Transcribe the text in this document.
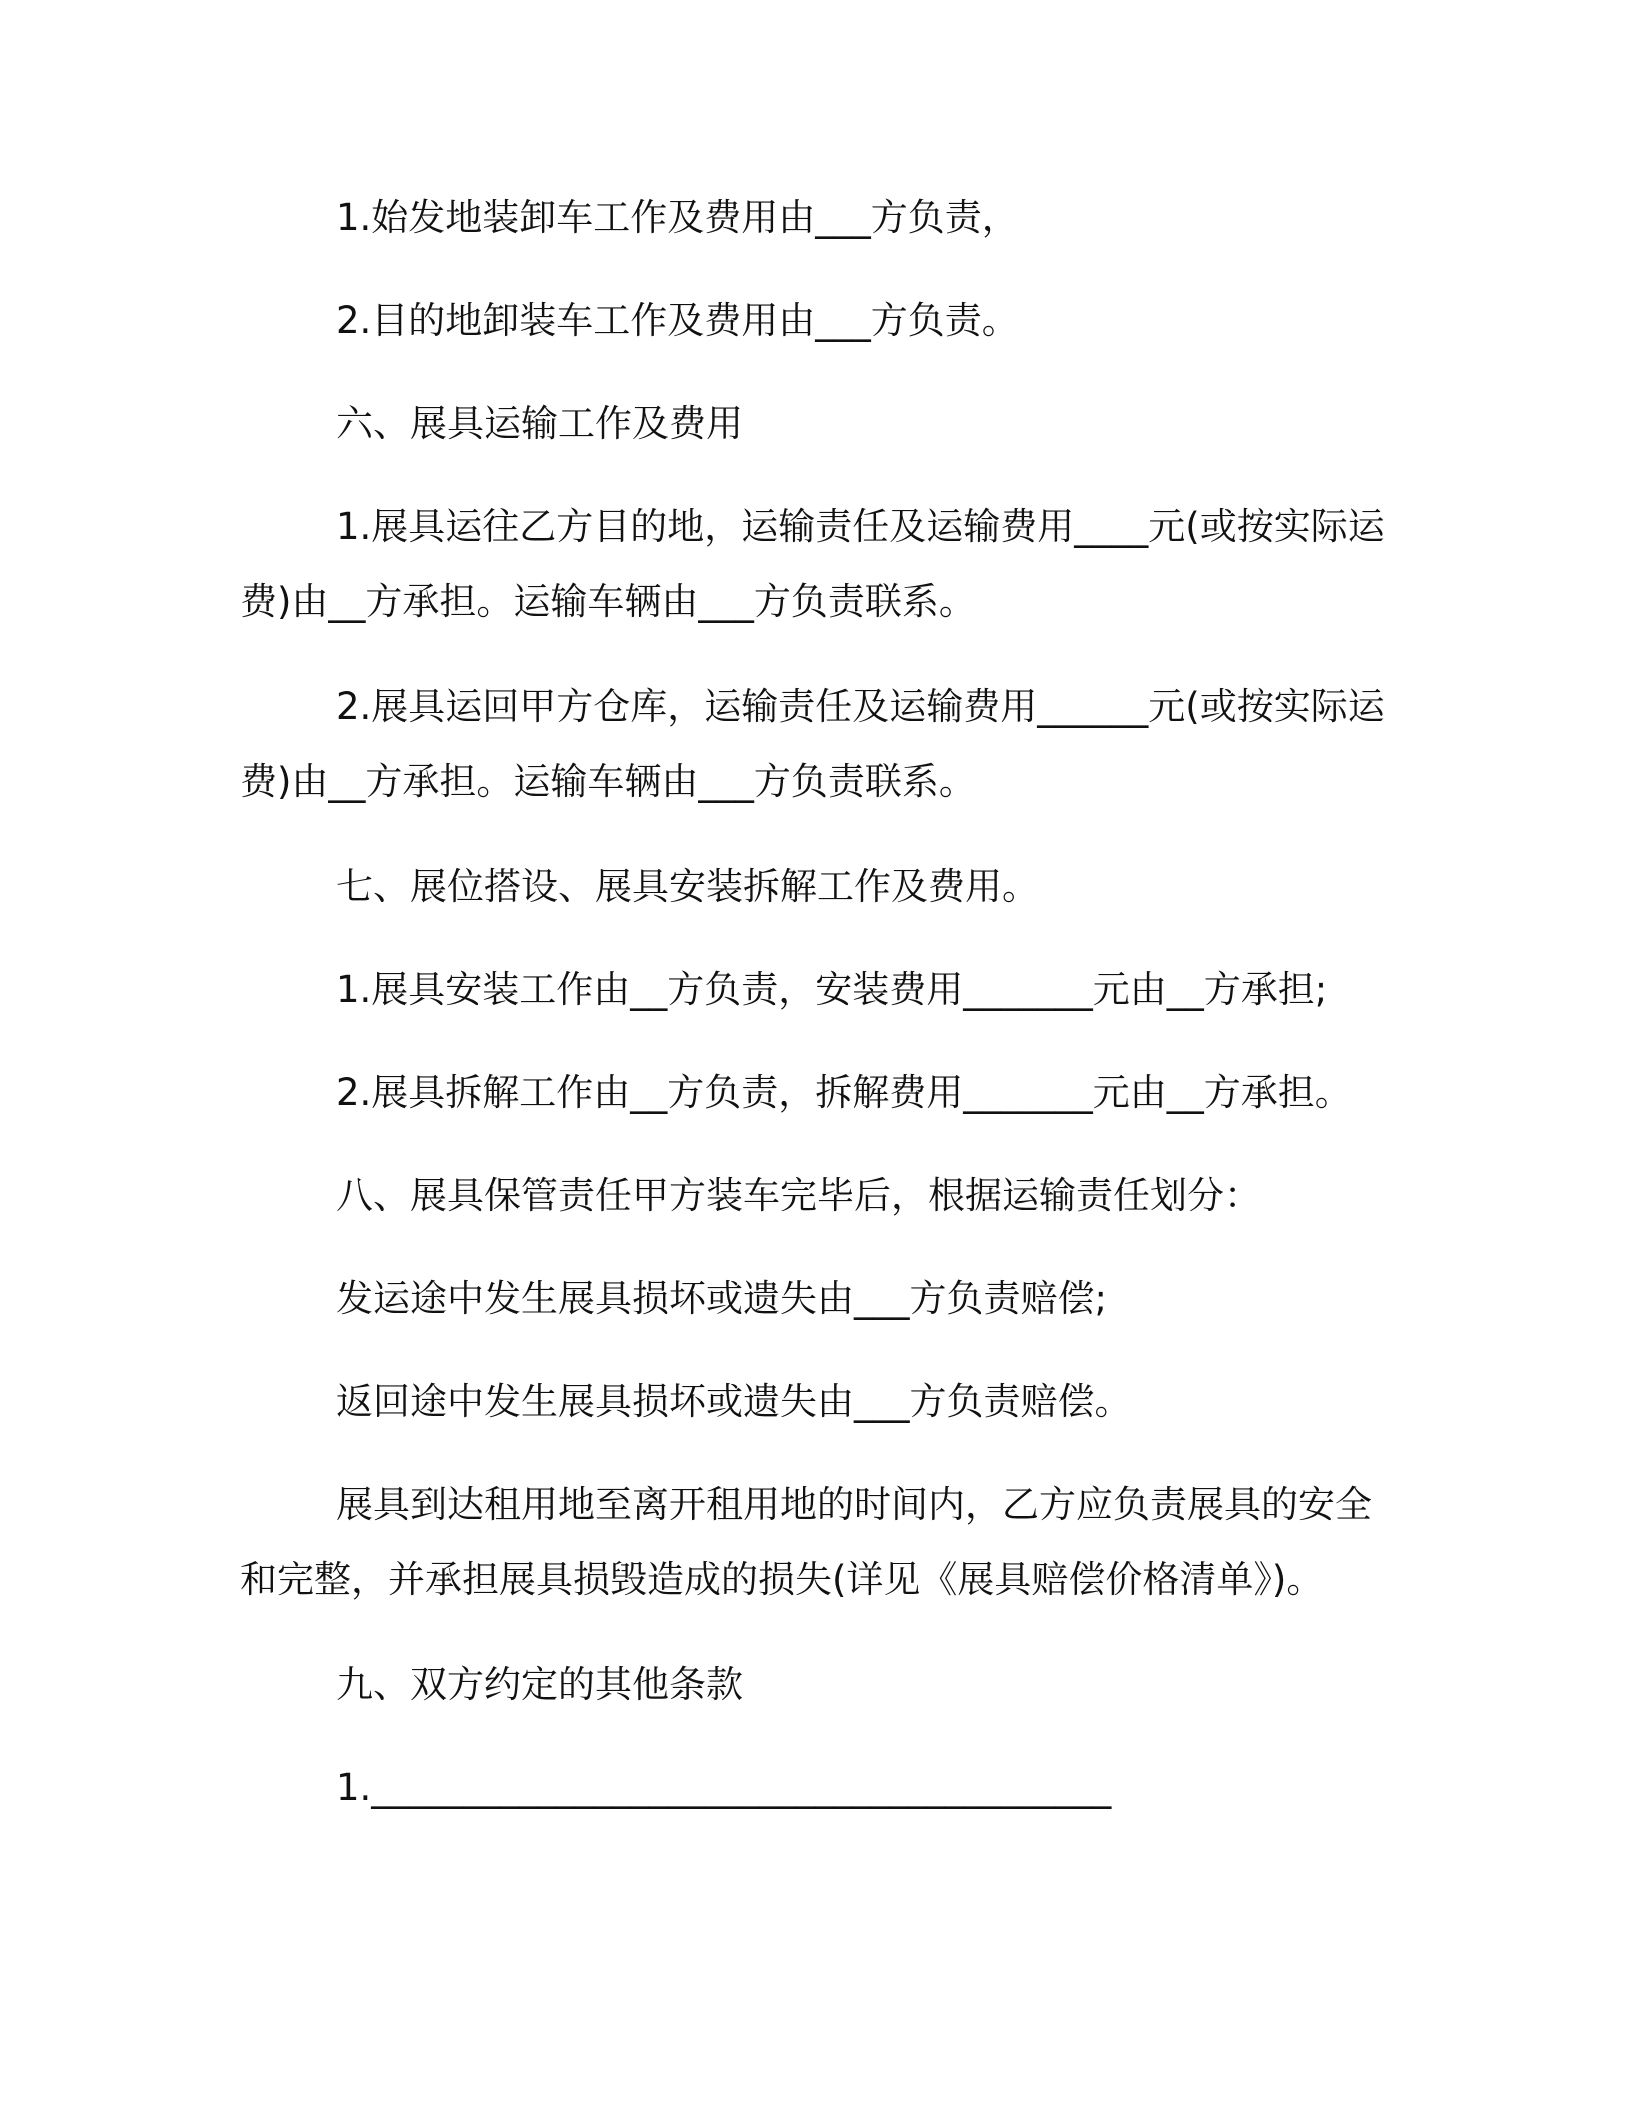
1.始发地装卸车工作及费用由___方负责，

2.目的地卸装车工作及费用由___方负责。

六、展具运输工作及费用

1.展具运往乙方目的地，运输责任及运输费用____元(或按实际运费)由__方承担。运输车辆由___方负责联系。

2.展具运回甲方仓库，运输责任及运输费用______元(或按实际运费)由__方承担。运输车辆由___方负责联系。

七、展位搭设、展具安装拆解工作及费用。

1.展具安装工作由__方负责，安装费用_______元由__方承担;

2.展具拆解工作由__方负责，拆解费用_______元由__方承担。

八、展具保管责任甲方装车完毕后，根据运输责任划分：

发运途中发生展具损坏或遗失由___方负责赔偿;

返回途中发生展具损坏或遗失由___方负责赔偿。

展具到达租用地至离开租用地的时间内，乙方应负责展具的安全和完整，并承担展具损毁造成的损失(详见《展具赔偿价格清单》)。

九、双方约定的其他条款

1.________________________________________
